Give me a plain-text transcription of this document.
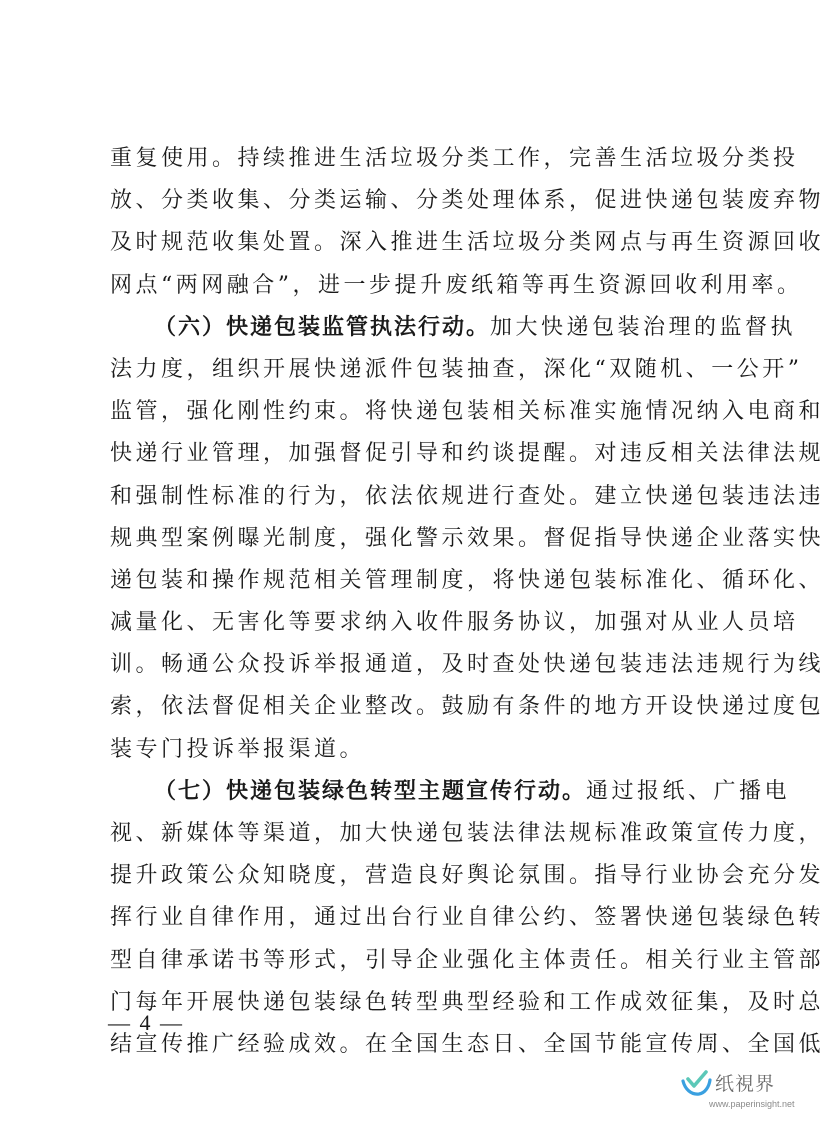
重复使用。持续推进生活垃圾分类工作，完善生活垃圾分类投
放、分类收集、分类运输、分类处理体系，促进快递包装废弃物
及时规范收集处置。深入推进生活垃圾分类网点与再生资源回收
网点“两网融合”，进一步提升废纸箱等再生资源回收利用率。
（六）快递包装监管执法行动。加大快递包装治理的监督执
法力度，组织开展快递派件包装抽查，深化“双随机、一公开”
监管，强化刚性约束。将快递包装相关标准实施情况纳入电商和
快递行业管理，加强督促引导和约谈提醒。对违反相关法律法规
和强制性标准的行为，依法依规进行查处。建立快递包装违法违
规典型案例曝光制度，强化警示效果。督促指导快递企业落实快
递包装和操作规范相关管理制度，将快递包装标准化、循环化、
减量化、无害化等要求纳入收件服务协议，加强对从业人员培
训。畅通公众投诉举报通道，及时查处快递包装违法违规行为线
索，依法督促相关企业整改。鼓励有条件的地方开设快递过度包
装专门投诉举报渠道。
（七）快递包装绿色转型主题宣传行动。通过报纸、广播电
视、新媒体等渠道，加大快递包装法律法规标准政策宣传力度，
提升政策公众知晓度，营造良好舆论氛围。指导行业协会充分发
挥行业自律作用，通过出台行业自律公约、签署快递包装绿色转
型自律承诺书等形式，引导企业强化主体责任。相关行业主管部
门每年开展快递包装绿色转型典型经验和工作成效征集，及时总
结宣传推广经验成效。在全国生态日、全国节能宣传周、全国低
— 4 —
纸視界
www.paperinsight.net
